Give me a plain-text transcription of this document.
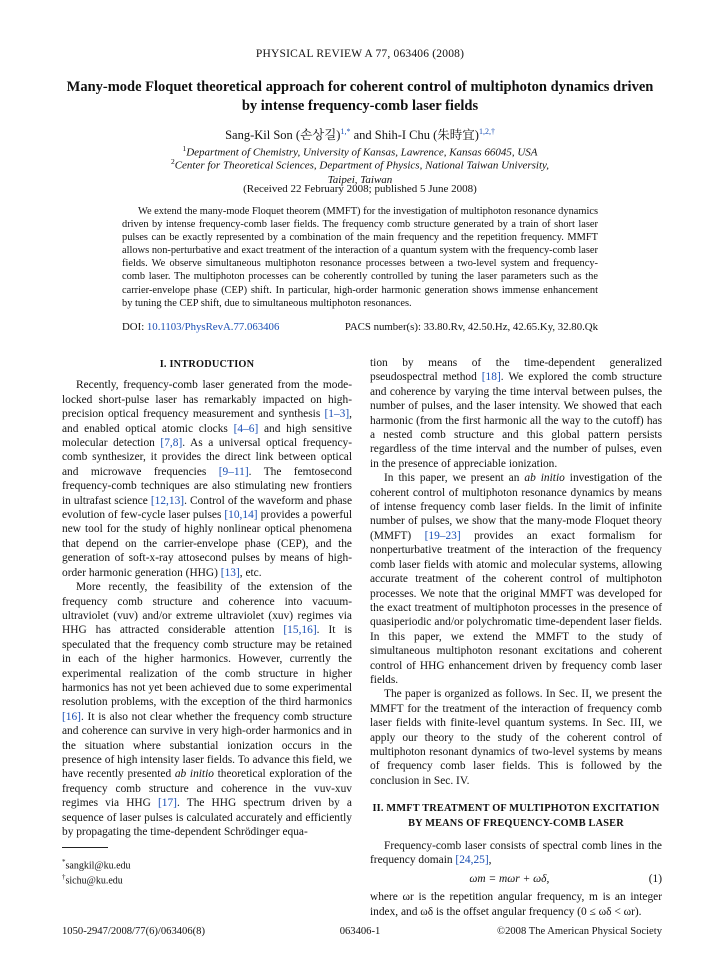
PHYSICAL REVIEW A 77, 063406 (2008)
Many-mode Floquet theoretical approach for coherent control of multiphoton dynamics driven
by intense frequency-comb laser fields
Sang-Kil Son (손상길)$^{1,*}$ and Shih-I Chu (朱時宜)$^{1,2,\dagger}$
$^1$Department of Chemistry, University of Kansas, Lawrence, Kansas 66045, USA
$^2$Center for Theoretical Sciences, Department of Physics, National Taiwan University,
Taipei, Taiwan
(Received 22 February 2008; published 5 June 2008)
We extend the many-mode Floquet theorem (MMFT) for the investigation of multiphoton resonance dynamics driven by intense frequency-comb laser fields. The frequency comb structure generated by a train of short laser pulses can be exactly represented by a combination of the main frequency and the repetition frequency. MMFT allows non-perturbative and exact treatment of the interaction of a quantum system with the frequency-comb laser fields. We observe simultaneous multiphoton resonance processes between a two-level system and frequency-comb laser. The multiphoton processes can be coherently controlled by tuning the laser parameters such as the carrier-envelope phase (CEP) shift. In particular, high-order harmonic generation shows immense enhancement by tuning the CEP shift, due to simultaneous multiphoton resonances.
DOI: 10.1103/PhysRevA.77.063406	PACS number(s): 33.80.Rv, 42.50.Hz, 42.65.Ky, 32.80.Qk
I. INTRODUCTION

Recently, frequency-comb laser generated from the mode-locked short-pulse laser has remarkably impacted on high-precision optical frequency measurement and synthesis [1–3], and enabled optical atomic clocks [4–6] and high sensitive molecular detection [7,8]. As a universal optical frequency-comb synthesizer, it provides the direct link between optical and microwave frequencies [9–11]. The femtosecond frequency-comb techniques are also stimulating new frontiers in ultrafast science [12,13]. Control of the waveform and phase evolution of few-cycle laser pulses [10,14] provides a powerful new tool for the study of highly nonlinear optical phenomena that depend on the carrier-envelope phase (CEP), and the generation of soft-x-ray attosecond pulses by means of high-order harmonic generation (HHG) [13], etc.

More recently, the feasibility of the extension of the frequency comb structure and coherence into vacuum-ultraviolet (vuv) and/or extreme ultraviolet (xuv) regimes via HHG has attracted considerable attention [15,16]. It is speculated that the frequency comb structure may be retained in each of the higher harmonics. However, currently the experimental realization of the comb structure in higher harmonics has not yet been achieved due to some experimental resolution problems, with the exception of the third harmonics [16]. It is also not clear whether the frequency comb structure and coherence can survive in very high-order harmonics and in the situation where substantial ionization occurs in the presence of high intensity laser fields. To advance this field, we have recently presented ab initio theoretical exploration of the frequency comb structure and coherence in the vuv-xuv regimes via HHG [17]. The HHG spectrum driven by a sequence of laser pulses is calculated accurately and efficiently by propagating the time-dependent Schrödinger equa-

tion by means of the time-dependent generalized pseudospectral method [18]. We explored the comb structure and coherence by varying the time interval between pulses, the number of pulses, and the laser intensity. We showed that each harmonic (from the first harmonic all the way to the cutoff) has a nested comb structure and this global pattern persists regardless of the time interval and the number of pulses, even in the presence of appreciable ionization.

In this paper, we present an ab initio investigation of the coherent control of multiphoton resonance dynamics by means of intense frequency comb laser fields. In the limit of infinite number of pulses, we show that the many-mode Floquet theory (MMFT) [19–23] provides an exact formalism for nonperturbative treatment of the interaction of the frequency comb laser fields with atomic and molecular systems, allowing accurate treatment of the coherent control of multiphoton processes. We note that the original MMFT was developed for the exact treatment of multiphoton processes in the presence of quasiperiodic and/or polychromatic time-dependent laser fields. In this paper, we extend the MMFT to the study of simultaneous multiphoton resonant excitations and coherent control of HHG enhancement driven by frequency comb laser fields.

The paper is organized as follows. In Sec. II, we present the MMFT for the treatment of the interaction of frequency comb laser fields with finite-level quantum systems. In Sec. III, we apply our theory to the study of the coherent control of multiphoton resonant dynamics of two-level systems by means of frequency comb laser fields. This is followed by the conclusion in Sec. IV.

II. MMFT TREATMENT OF MULTIPHOTON EXCITATION
BY MEANS OF FREQUENCY-COMB LASER

Frequency-comb laser consists of spectral comb lines in the frequency domain [24,25],

ωm = mωr + ωδ,	(1)

where ωr is the repetition angular frequency, m is an integer index, and ωδ is the offset angular frequency (0 ≤ ωδ < ωr).

*sangkil@ku.edu
†sichu@ku.edu
1050-2947/2008/77(6)/063406(8)	063406-1	©2008 The American Physical Society
